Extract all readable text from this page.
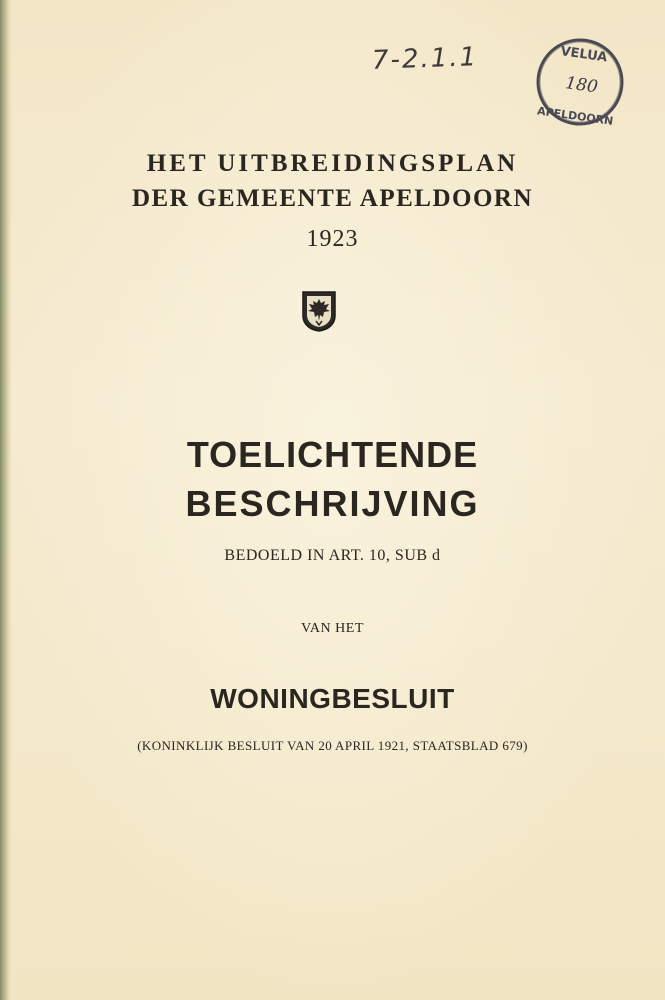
7-2.1.1	VELUA
APELDOORN
180
HET UITBREIDINGSPLAN
DER GEMEENTE APELDOORN
1923
TOELICHTENDE
BESCHRIJVING
BEDOELD IN ART. 10, SUB d
VAN HET
WONINGBESLUIT
(KONINKLIJK BESLUIT VAN 20 APRIL 1921, STAATSBLAD 679)
